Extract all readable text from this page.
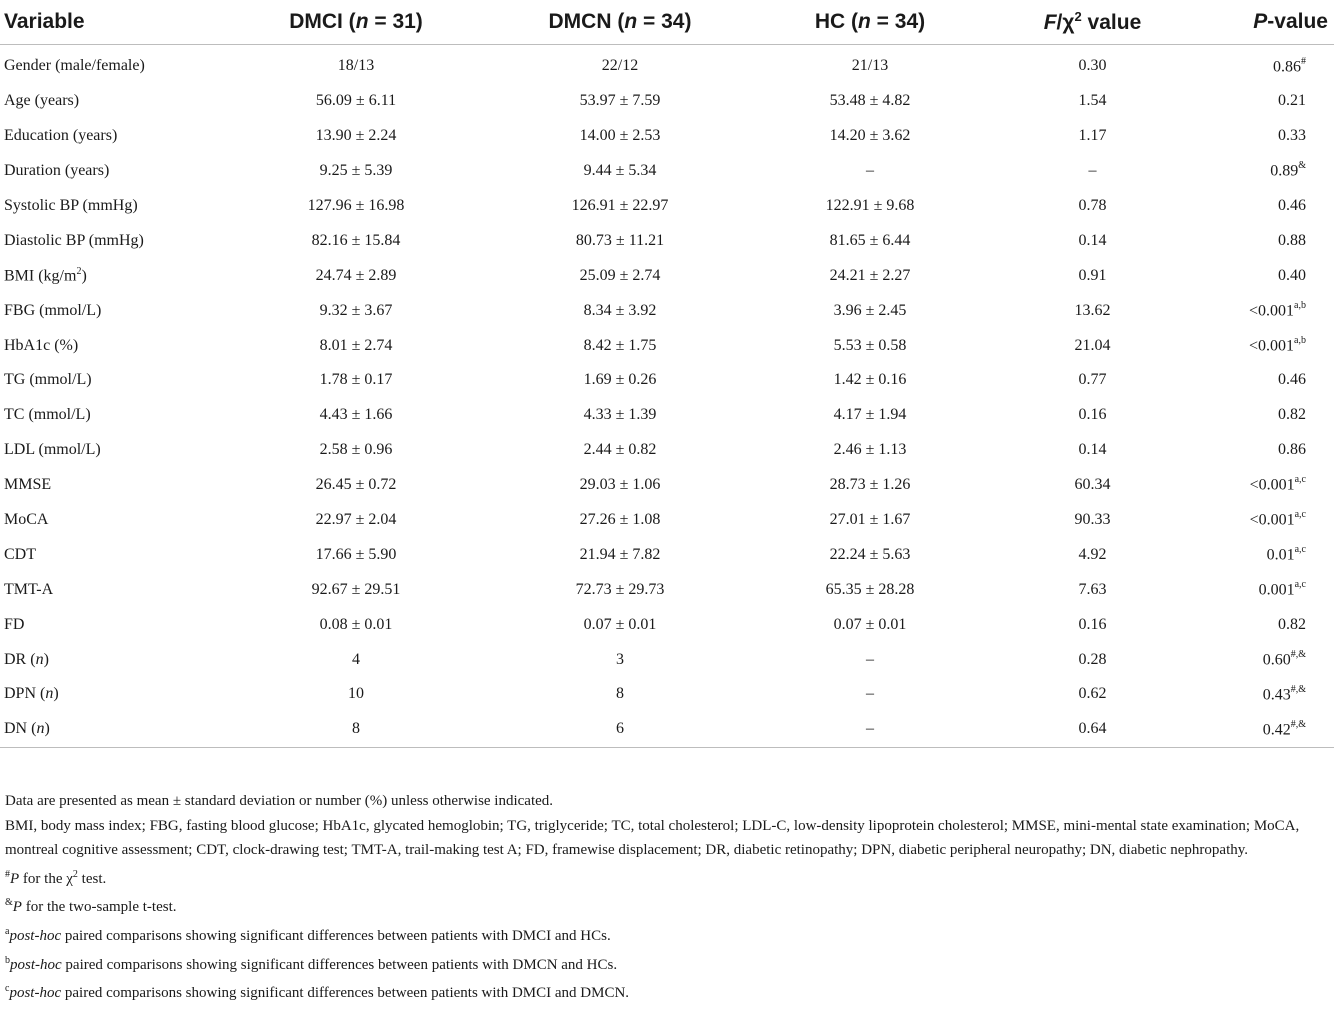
Variable	DMCI (n = 31)	DMCN (n = 34)	HC (n = 34)	$F/\chi^2$ value	P-value
Gender (male/female)	18/13	22/12	21/13	0.30	0.86#
Age (years)	56.09 ± 6.11	53.97 ± 7.59	53.48 ± 4.82	1.54	0.21
Education (years)	13.90 ± 2.24	14.00 ± 2.53	14.20 ± 3.62	1.17	0.33
Duration (years)	9.25 ± 5.39	9.44 ± 5.34	–	–	0.89&
Systolic BP (mmHg)	127.96 ± 16.98	126.91 ± 22.97	122.91 ± 9.68	0.78	0.46
Diastolic BP (mmHg)	82.16 ± 15.84	80.73 ± 11.21	81.65 ± 6.44	0.14	0.88
BMI $(kg/m^2)$	24.74 ± 2.89	25.09 ± 2.74	24.21 ± 2.27	0.91	0.40
FBG (mmol/L)	9.32 ± 3.67	8.34 ± 3.92	3.96 ± 2.45	13.62	$<0.001^{a,b}$
HbA1c (%)	8.01 ± 2.74	8.42 ± 1.75	5.53 ± 0.58	21.04	$<0.001^{a,b}$
TG (mmol/L)	1.78 ± 0.17	1.69 ± 0.26	1.42 ± 0.16	0.77	0.46
TC (mmol/L)	4.43 ± 1.66	4.33 ± 1.39	4.17 ± 1.94	0.16	0.82
LDL (mmol/L)	2.58 ± 0.96	2.44 ± 0.82	2.46 ± 1.13	0.14	0.86
MMSE	26.45 ± 0.72	29.03 ± 1.06	28.73 ± 1.26	60.34	$<0.001^{a,c}$
MoCA	22.97 ± 2.04	27.26 ± 1.08	27.01 ± 1.67	90.33	$<0.001^{a,c}$
CDT	17.66 ± 5.90	21.94 ± 7.82	22.24 ± 5.63	4.92	0.01$^{a,c}$
TMT-A	92.67 ± 29.51	72.73 ± 29.73	65.35 ± 28.28	7.63	0.001$^{a,c}$
FD	0.08 ± 0.01	0.07 ± 0.01	0.07 ± 0.01	0.16	0.82
DR (n)	4	3	–	0.28	0.60#,&
DPN (n)	10	8	–	0.62	0.43#,&
DN (n)	8	6	–	0.64	0.42#,&

Data are presented as mean ± standard deviation or number (%) unless otherwise indicated.

BMI, body mass index; FBG, fasting blood glucose; HbA1c, glycated hemoglobin; TG, triglyceride; TC, total cholesterol; LDL-C, low-density lipoprotein cholesterol; MMSE, mini-mental state examination; MoCA, montreal cognitive assessment; CDT, clock-drawing test; TMT-A, trail-making test A; FD, framewise displacement; DR, diabetic retinopathy; DPN, diabetic peripheral neuropathy; DN, diabetic nephropathy.

#P for the $\chi^2$ test.

&P for the two-sample t-test.

$^a$post-hoc paired comparisons showing significant differences between patients with DMCI and HCs.

$^b$post-hoc paired comparisons showing significant differences between patients with DMCN and HCs.

$^c$post-hoc paired comparisons showing significant differences between patients with DMCI and DMCN.
